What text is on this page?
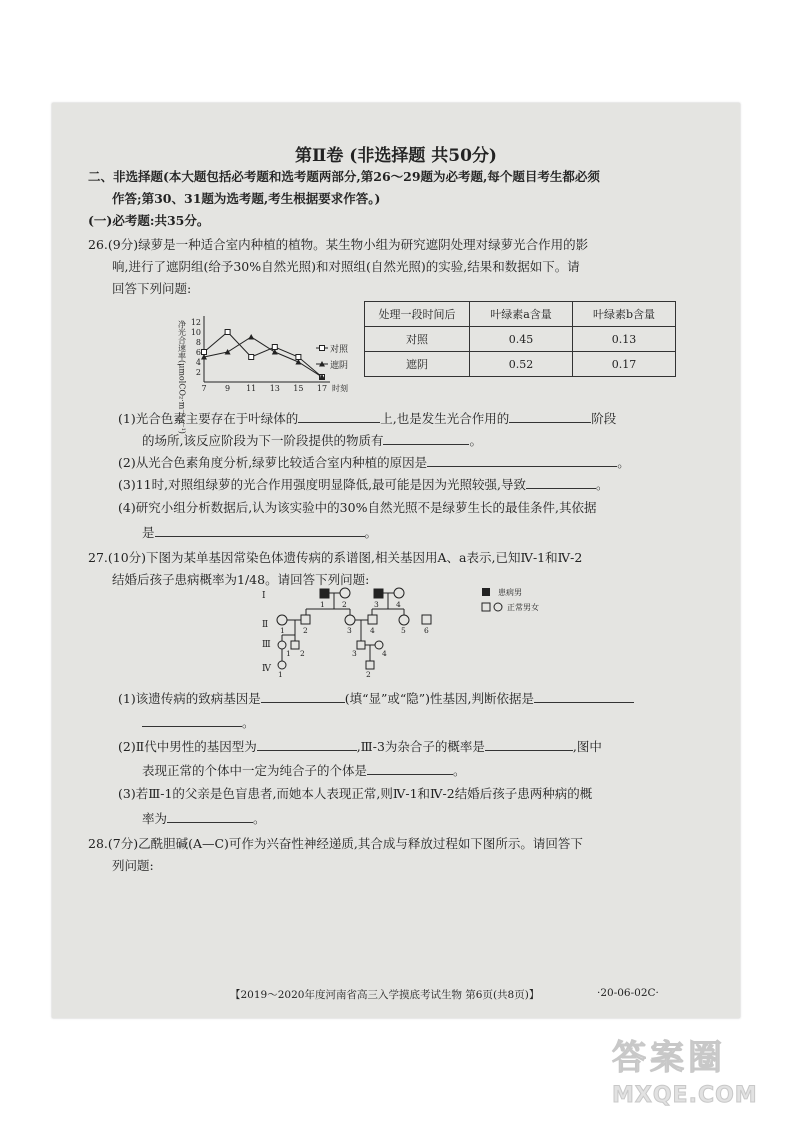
第Ⅱ卷 (非选择题 共50分)
二、非选择题(本大题包括必考题和选考题两部分,第26～29题为必考题,每个题目考生都必须
作答;第30、31题为选考题,考生根据要求作答。)
(一)必考题:共35分。
26.(9分)绿萝是一种适合室内种植的植物。某生物小组为研究遮阴处理对绿萝光合作用的影
响,进行了遮阴组(给予30%自然光照)和对照组(自然光照)的实验,结果和数据如下。请
回答下列问题:
净光合速率(μmolCO₂·m⁻²·s⁻¹) 2
4
6
8
10
12
7 9 11 13 15 17 时刻
处理一段时间后	叶绿素a含量	叶绿素b含量
对照	0.45	0.13
遮阴	0.52	0.17
(1)光合色素主要存在于叶绿体的	上,也是发生光合作用的	阶段
的场所,该反应阶段为下一阶段提供的物质有	。
(2)从光合色素角度分析,绿萝比较适合室内种植的原因是	。
(3)11时,对照组绿萝的光合作用强度明显降低,最可能是因为光照较强,导致	。
(4)研究小组分析数据后,认为该实验中的30%自然光照不是绿萝生长的最佳条件,其依据
是	。
27.(10分)下图为某单基因常染色体遗传病的系谱图,相关基因用A、a表示,已知Ⅳ-1和Ⅳ-2
结婚后孩子患病概率为1/48。请回答下列问题:
Ⅰ
Ⅱ
Ⅲ
Ⅳ
1 2	3 4
1 2	3 4	5 6
1 2	3	4
1	2
患病男
正常男女
(1)该遗传病的致病基因是	(填“显”或“隐”)性基因,判断依据是
。
(2)Ⅱ代中男性的基因型为	,Ⅲ-3为杂合子的概率是	,图中
表现正常的个体中一定为纯合子的个体是	。
(3)若Ⅲ-1的父亲是色盲患者,而她本人表现正常,则Ⅳ-1和Ⅳ-2结婚后孩子患两种病的概
率为	。
28.(7分)乙酰胆碱(A—C)可作为兴奋性神经递质,其合成与释放过程如下图所示。请回答下
列问题:
【2019～2020年度河南省高三入学摸底考试生物 第6页(共8页)】	·20-06-02C·
对照
遮阴
答案圈
MXQE.COM
